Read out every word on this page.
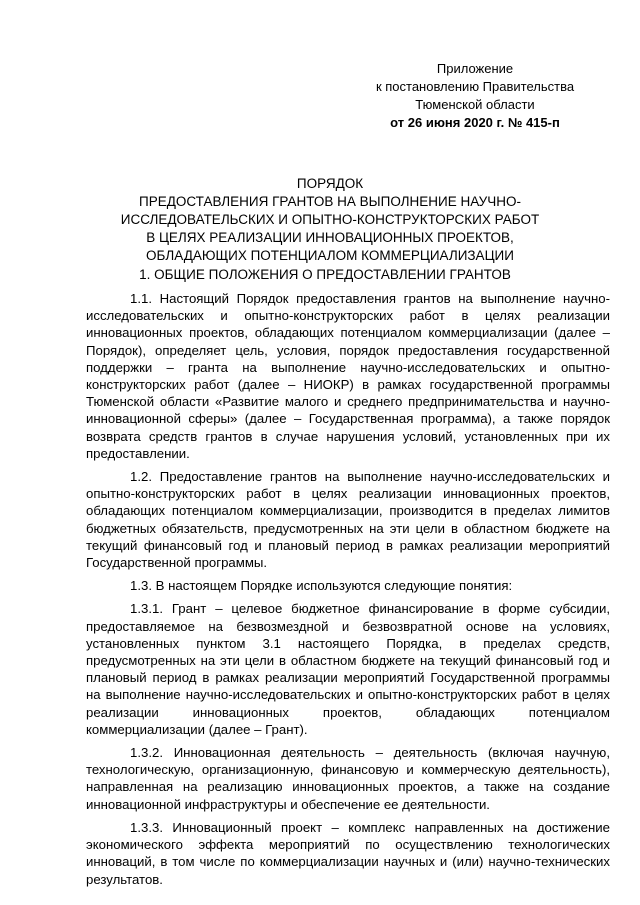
Приложение
к постановлению Правительства
Тюменской области
от 26 июня 2020 г. № 415-п
ПОРЯДОК
ПРЕДОСТАВЛЕНИЯ ГРАНТОВ НА ВЫПОЛНЕНИЕ НАУЧНО-
ИССЛЕДОВАТЕЛЬСКИХ И ОПЫТНО-КОНСТРУКТОРСКИХ РАБОТ
В ЦЕЛЯХ РЕАЛИЗАЦИИ ИННОВАЦИОННЫХ ПРОЕКТОВ,
ОБЛАДАЮЩИХ ПОТЕНЦИАЛОМ КОММЕРЦИАЛИЗАЦИИ
1. ОБЩИЕ ПОЛОЖЕНИЯ О ПРЕДОСТАВЛЕНИИ ГРАНТОВ

1.1. Настоящий Порядок предоставления грантов на выполнение научно-исследовательских и опытно-конструкторских работ в целях реализации инновационных проектов, обладающих потенциалом коммерциализации (далее – Порядок), определяет цель, условия, порядок предоставления государственной поддержки – гранта на выполнение научно-исследовательских и опытно-конструкторских работ (далее – НИОКР) в рамках государственной программы Тюменской области «Развитие малого и среднего предпринимательства и научно-инновационной сферы» (далее – Государственная программа), а также порядок возврата средств грантов в случае нарушения условий, установленных при их предоставлении.

1.2. Предоставление грантов на выполнение научно-исследовательских и опытно-конструкторских работ в целях реализации инновационных проектов, обладающих потенциалом коммерциализации, производится в пределах лимитов бюджетных обязательств, предусмотренных на эти цели в областном бюджете на текущий финансовый год и плановый период в рамках реализации мероприятий Государственной программы.

1.3. В настоящем Порядке используются следующие понятия:

1.3.1. Грант – целевое бюджетное финансирование в форме субсидии, предоставляемое на безвозмездной и безвозвратной основе на условиях, установленных пунктом 3.1 настоящего Порядка, в пределах средств, предусмотренных на эти цели в областном бюджете на текущий финансовый год и плановый период в рамках реализации мероприятий Государственной программы на выполнение научно-исследовательских и опытно-конструкторских работ в целях реализации инновационных проектов, обладающих потенциалом коммерциализации (далее – Грант).

1.3.2. Инновационная деятельность – деятельность (включая научную, технологическую, организационную, финансовую и коммерческую деятельность), направленная на реализацию инновационных проектов, а также на создание инновационной инфраструктуры и обеспечение ее деятельности.

1.3.3. Инновационный проект – комплекс направленных на достижение экономического эффекта мероприятий по осуществлению технологических инноваций, в том числе по коммерциализации научных и (или) научно-технических результатов.
